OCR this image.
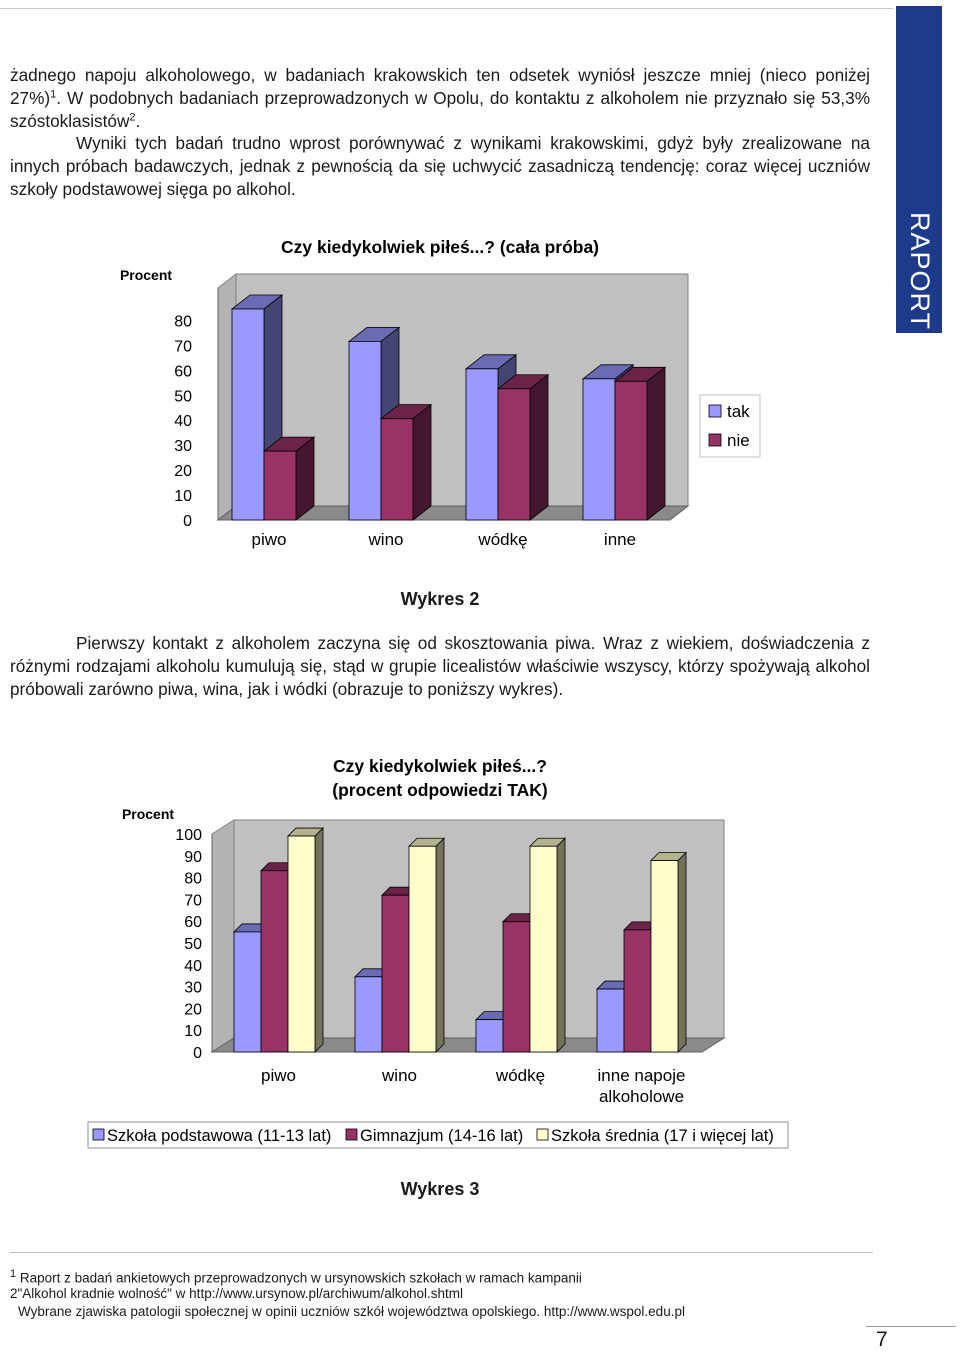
RAPORT

żadnego napoju alkoholowego, w badaniach krakowskich ten odsetek wyniósł jeszcze mniej (nieco poniżej 27%)$^1$. W podobnych badaniach przeprowadzonych w Opolu, do kontaktu z alkoholem nie przyznało się 53,3% szóstoklasistów$^2$.
Wyniki tych badań trudno wprost porównywać z wynikami krakowskimi, gdyż były zrealizowane na innych próbach badawczych, jednak z pewnością da się uchwycić zasadniczą tendencję: coraz więcej uczniów szkoły podstawowej sięga po alkohol.

Czy kiedykolwiek piłeś...? (cała próba)
Procent
0
10
20
30
40
50
60
70
80
piwo	wino	wódkę	inne
tak
nie
Wykres 2

Pierwszy kontakt z alkoholem zaczyna się od skosztowania piwa. Wraz z wiekiem, doświadczenia z różnymi rodzajami alkoholu kumulują się, stąd w grupie licealistów właściwie wszyscy, którzy spożywają alkohol próbowali zarówno piwa, wina, jak i wódki (obrazuje to poniższy wykres).

Czy kiedykolwiek piłeś...?
(procent odpowiedzi TAK)
Procent
0
10
20
30
40
50
60
70
80
90
100
piwo	wino	wódkę	inne napoje
alkoholowe
Szkoła podstawowa (11-13 lat) Gimnazjum (14-16 lat) Szkoła średnia (17 i więcej lat)
Wykres 3
$^1$ Raport z badań ankietowych przeprowadzonych w ursynowskich szkołach w ramach kampanii
2"Alkohol kradnie wolność" w http://www.ursynow.pl/archiwum/alkohol.shtml
Wybrane zjawiska patologii społecznej w opinii uczniów szkół województwa opolskiego. http://www.wspol.edu.pl
7
